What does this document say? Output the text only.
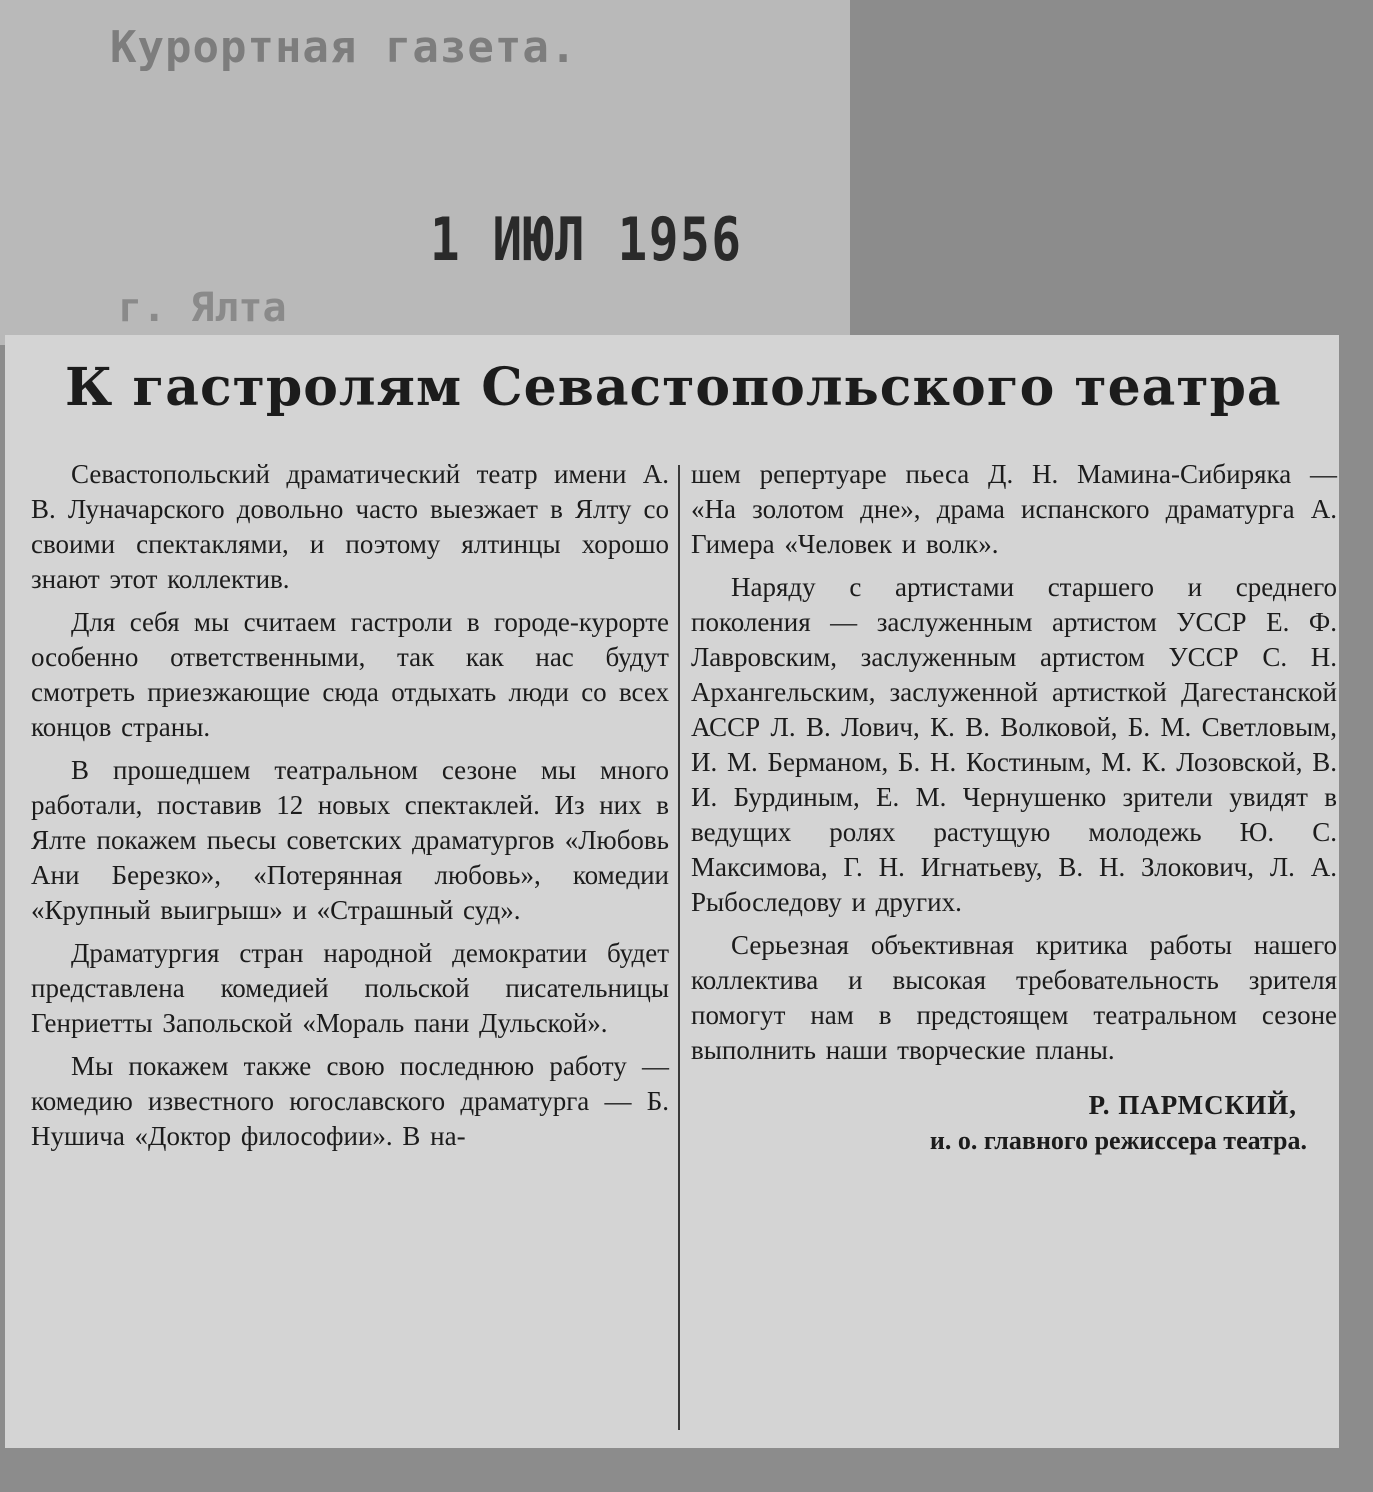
Курортная газета.
1 ИЮЛ 1956
г. Ялта
К гастролям Севастопольского театра

Севастопольский драматический театр имени А. В. Луначарского довольно часто выезжает в Ялту со своими спектаклями, и поэтому ялтинцы хорошо знают этот коллектив.

Для себя мы считаем гастроли в городе-курорте особенно ответственными, так как нас будут смотреть приезжающие сюда отдыхать люди со всех концов страны.

В прошедшем театральном сезоне мы много работали, поставив 12 новых спектаклей. Из них в Ялте покажем пьесы советских драматургов «Любовь Ани Березко», «Потерянная любовь», комедии «Крупный выигрыш» и «Страшный суд».

Драматургия стран народной демократии будет представлена комедией польской писательницы Генриетты Запольской «Мораль пани Дульской».

Мы покажем также свою последнюю работу — комедию известного югославского драматурга — Б. Нушича «Доктор философии». В на-

шем репертуаре пьеса Д. Н. Мамина-Сибиряка — «На золотом дне», драма испанского драматурга А. Гимера «Человек и волк».

Наряду с артистами старшего и среднего поколения — заслуженным артистом УССР Е. Ф. Лавровским, заслуженным артистом УССР С. Н. Архангельским, заслуженной артисткой Дагестанской АССР Л. В. Лович, К. В. Волковой, Б. М. Светловым, И. М. Берманом, Б. Н. Костиным, М. К. Лозовской, В. И. Бурдиным, Е. М. Чернушенко зрители увидят в ведущих ролях растущую молодежь Ю. С. Максимова, Г. Н. Игнатьеву, В. Н. Злокович, Л. А. Рыбоследову и других.

Серьезная объективная критика работы нашего коллектива и высокая требовательность зрителя помогут нам в предстоящем театральном сезоне выполнить наши творческие планы.

Р. ПАРМСКИЙ,
и. о. главного режиссера театра.
